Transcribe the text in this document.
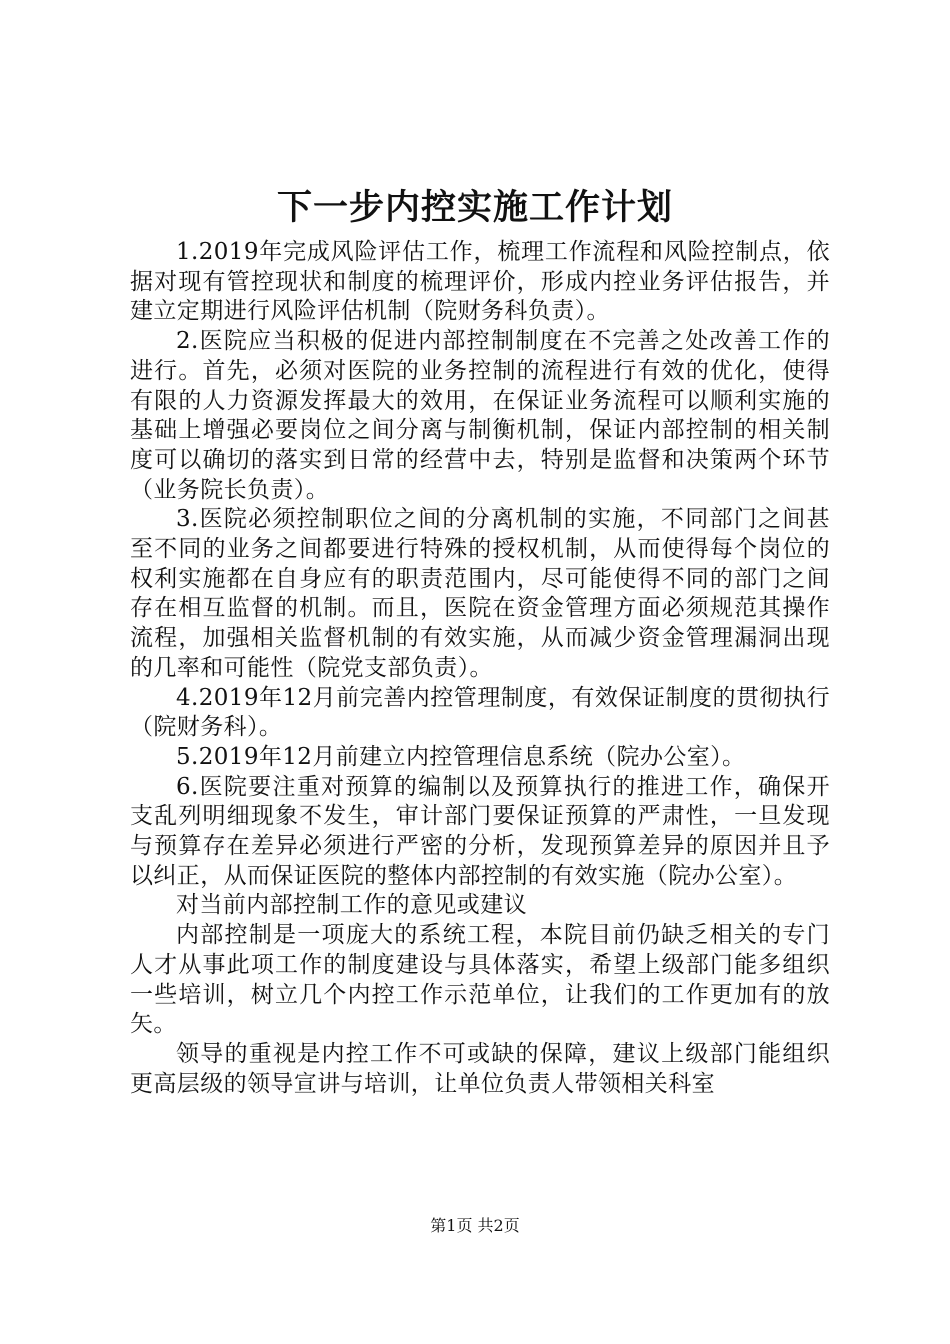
下一步内控实施工作计划

1.2019年完成风险评估工作，梳理工作流程和风险控制点，依据对现有管控现状和制度的梳理评价，形成内控业务评估报告，并建立定期进行风险评估机制（院财务科负责）。

2.医院应当积极的促进内部控制制度在不完善之处改善工作的进行。首先，必须对医院的业务控制的流程进行有效的优化，使得有限的人力资源发挥最大的效用，在保证业务流程可以顺利实施的基础上增强必要岗位之间分离与制衡机制，保证内部控制的相关制度可以确切的落实到日常的经营中去，特别是监督和决策两个环节（业务院长负责）。

3.医院必须控制职位之间的分离机制的实施，不同部门之间甚至不同的业务之间都要进行特殊的授权机制，从而使得每个岗位的权利实施都在自身应有的职责范围内，尽可能使得不同的部门之间存在相互监督的机制。而且，医院在资金管理方面必须规范其操作流程，加强相关监督机制的有效实施，从而减少资金管理漏洞出现的几率和可能性（院党支部负责）。

4.2019年12月前完善内控管理制度，有效保证制度的贯彻执行（院财务科）。

5.2019年12月前建立内控管理信息系统（院办公室）。

6.医院要注重对预算的编制以及预算执行的推进工作，确保开支乱列明细现象不发生，审计部门要保证预算的严肃性，一旦发现与预算存在差异必须进行严密的分析，发现预算差异的原因并且予以纠正，从而保证医院的整体内部控制的有效实施（院办公室）。

对当前内部控制工作的意见或建议

内部控制是一项庞大的系统工程，本院目前仍缺乏相关的专门人才从事此项工作的制度建设与具体落实，希望上级部门能多组织一些培训，树立几个内控工作示范单位，让我们的工作更加有的放矢。

领导的重视是内控工作不可或缺的保障，建议上级部门能组织更高层级的领导宣讲与培训，让单位负责人带领相关科室

第1页 共2页
